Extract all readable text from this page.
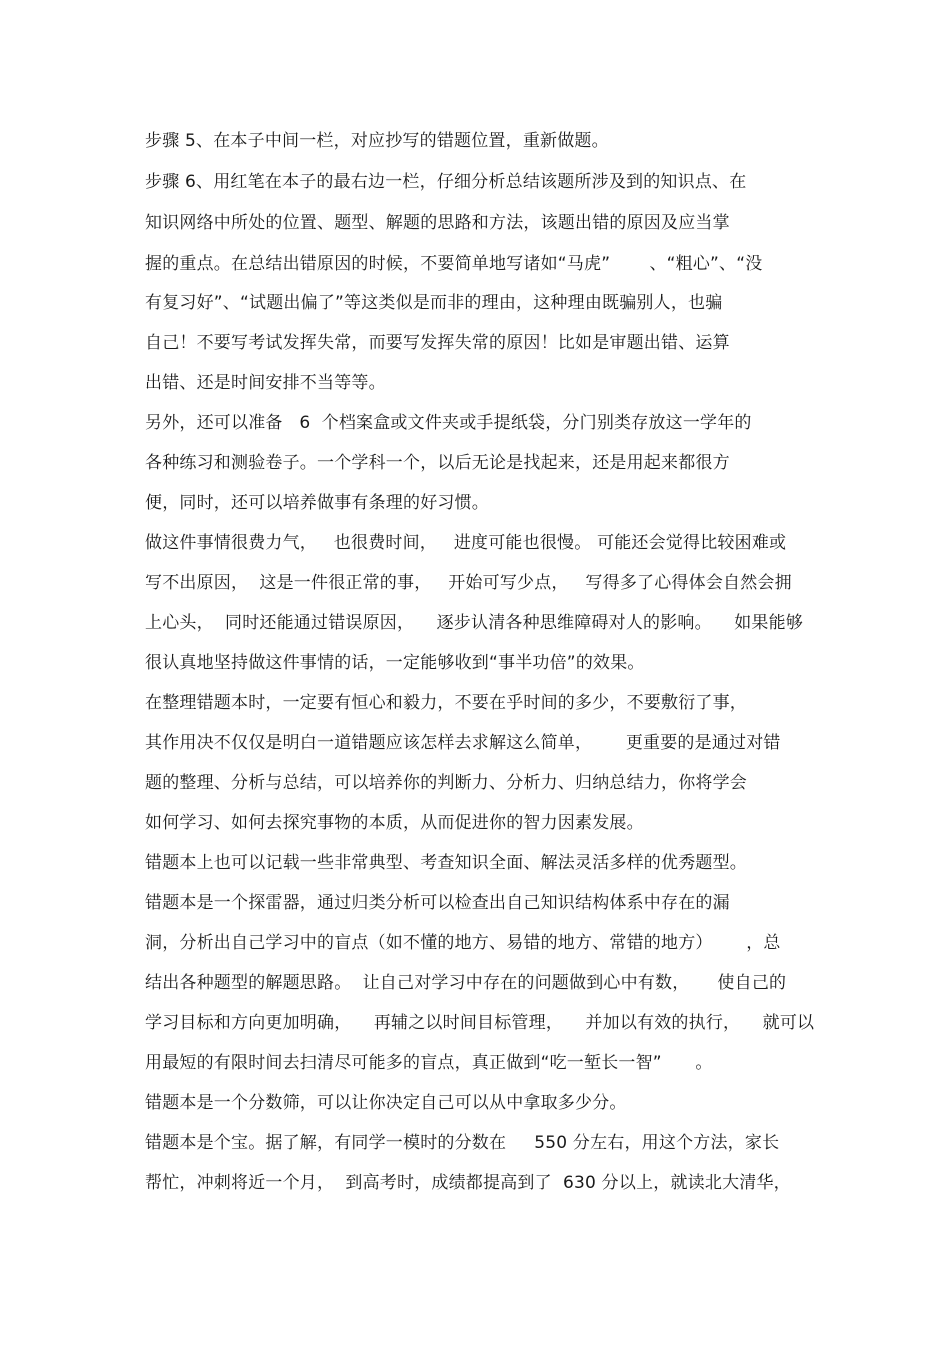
步骤 5、在本子中间一栏，对应抄写的错题位置，重新做题。
步骤 6、用红笔在本子的最右边一栏，仔细分析总结该题所涉及到的知识点、在
知识网络中所处的位置、题型、解题的思路和方法，该题出错的原因及应当掌
握的重点。在总结出错原因的时候，不要简单地写诸如“马虎”       、“粗心”、“没
有复习好”、“试题出偏了”等这类似是而非的理由，这种理由既骗别人，也骗
自己！不要写考试发挥失常，而要写发挥失常的原因！比如是审题出错、运算
出错、还是时间安排不当等等。
另外，还可以准备   6  个档案盒或文件夹或手提纸袋，分门别类存放这一学年的
各种练习和测验卷子。一个学科一个，以后无论是找起来，还是用起来都很方
便，同时，还可以培养做事有条理的好习惯。
做这件事情很费力气，   也很费时间，   进度可能也很慢。 可能还会觉得比较困难或
写不出原因，  这是一件很正常的事，   开始可写少点，   写得多了心得体会自然会拥
上心头，  同时还能通过错误原因，    逐步认清各种思维障碍对人的影响。    如果能够
很认真地坚持做这件事情的话，一定能够收到“事半功倍”的效果。
在整理错题本时，一定要有恒心和毅力，不要在乎时间的多少，不要敷衍了事，
其作用决不仅仅是明白一道错题应该怎样去求解这么简单，      更重要的是通过对错
题的整理、分析与总结，可以培养你的判断力、分析力、归纳总结力，你将学会
如何学习、如何去探究事物的本质，从而促进你的智力因素发展。
错题本上也可以记载一些非常典型、考查知识全面、解法灵活多样的优秀题型。
错题本是一个探雷器，通过归类分析可以检查出自己知识结构体系中存在的漏
洞，分析出自己学习中的盲点（如不懂的地方、易错的地方、常错的地方）      ，总
结出各种题型的解题思路。  让自己对学习中存在的问题做到心中有数，     使自己的
学习目标和方向更加明确，    再辅之以时间目标管理，    并加以有效的执行，    就可以
用最短的有限时间去扫清尽可能多的盲点，真正做到“吃一堑长一智”      。
错题本是一个分数筛，可以让你决定自己可以从中拿取多少分。
错题本是个宝。据了解，有同学一模时的分数在     550 分左右，用这个方法，家长
帮忙，冲刺将近一个月，  到高考时，成绩都提高到了  630 分以上，就读北大清华，
